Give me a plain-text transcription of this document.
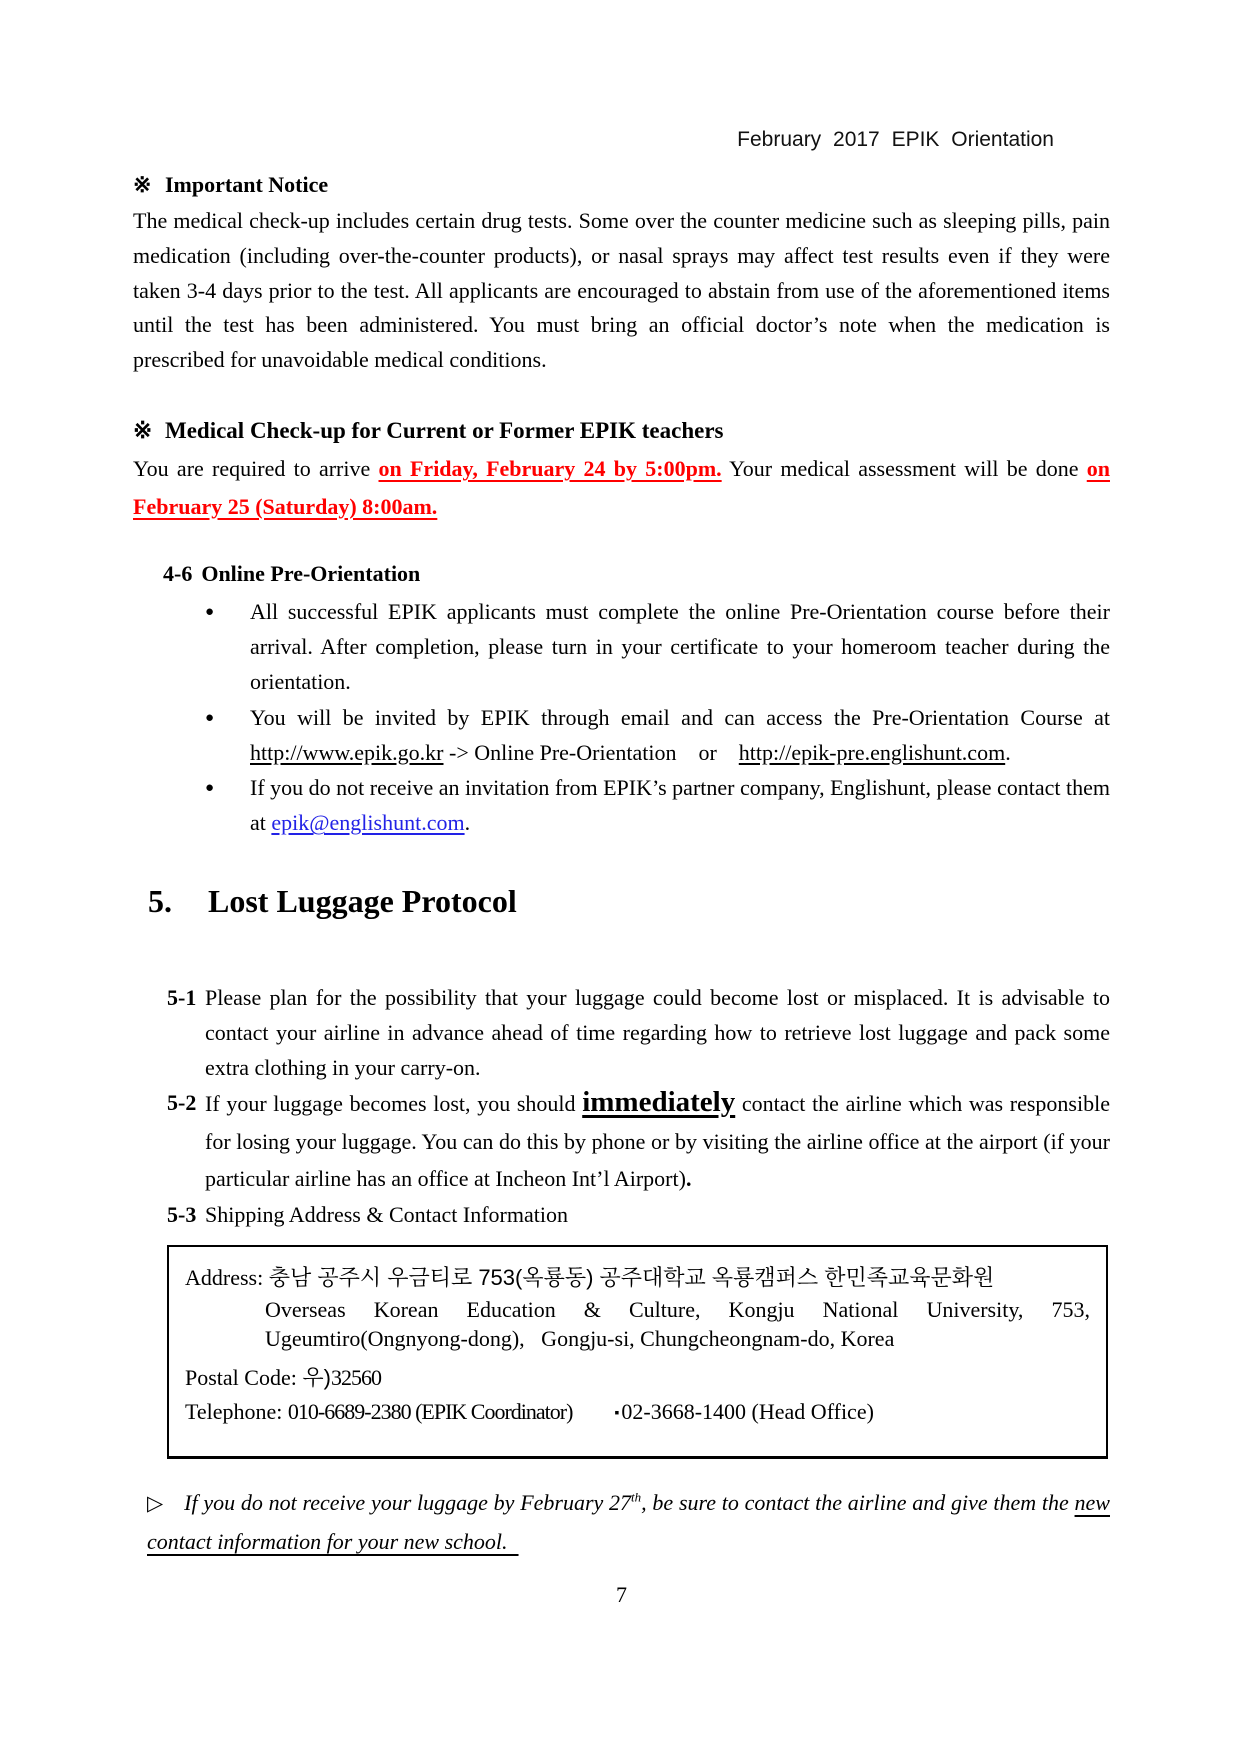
February 2017 EPIK Orientation
※ Important Notice

The medical check-up includes certain drug tests. Some over the counter medicine such as sleeping pills, pain medication (including over-the-counter products), or nasal sprays may affect test results even if they were taken 3-4 days prior to the test. All applicants are encouraged to abstain from use of the aforementioned items until the test has been administered. You must bring an official doctor’s note when the medication is prescribed for unavoidable medical conditions.

※ Medical Check-up for Current or Former EPIK teachers

You are required to arrive on Friday, February 24 by 5:00pm. Your medical assessment will be done on February 25 (Saturday) 8:00am.

4-6 Online Pre-Orientation
● All successful EPIK applicants must complete the online Pre-Orientation course before their arrival. After completion, please turn in your certificate to your homeroom teacher during the orientation.
● You will be invited by EPIK through email and can access the Pre-Orientation Course at http://www.epik.go.kr -> Online Pre-Orientation    or    http://epik-pre.englishunt.com.
● If you do not receive an invitation from EPIK’s partner company, Englishunt, please contact them at epik@englishunt.com.
5. Lost Luggage Protocol
5-1 Please plan for the possibility that your luggage could become lost or misplaced. It is advisable to contact your airline in advance ahead of time regarding how to retrieve lost luggage and pack some extra clothing in your carry-on.
5-2 If your luggage becomes lost, you should immediately contact the airline which was responsible for losing your luggage. You can do this by phone or by visiting the airline office at the airport (if your particular airline has an office at Incheon Int’l Airport).
5-3 Shipping Address & Contact Information
Address: 충남 공주시 우금티로 753(옥룡동) 공주대학교 옥룡캠퍼스 한민족교육문화원
Overseas Korean Education & Culture, Kongju National University, 753,
Ugeumtiro(Ongnyong-dong),   Gongju-si, Chungcheongnam-do, Korea
Postal Code: 우)32560
Telephone: 010-6689-2380 (EPIK Coordinator)	▪02-3668-1400 (Head Office)
▷ If you do not receive your luggage by February 27th, be sure to contact the airline and give them the new contact information for your new school.
7
